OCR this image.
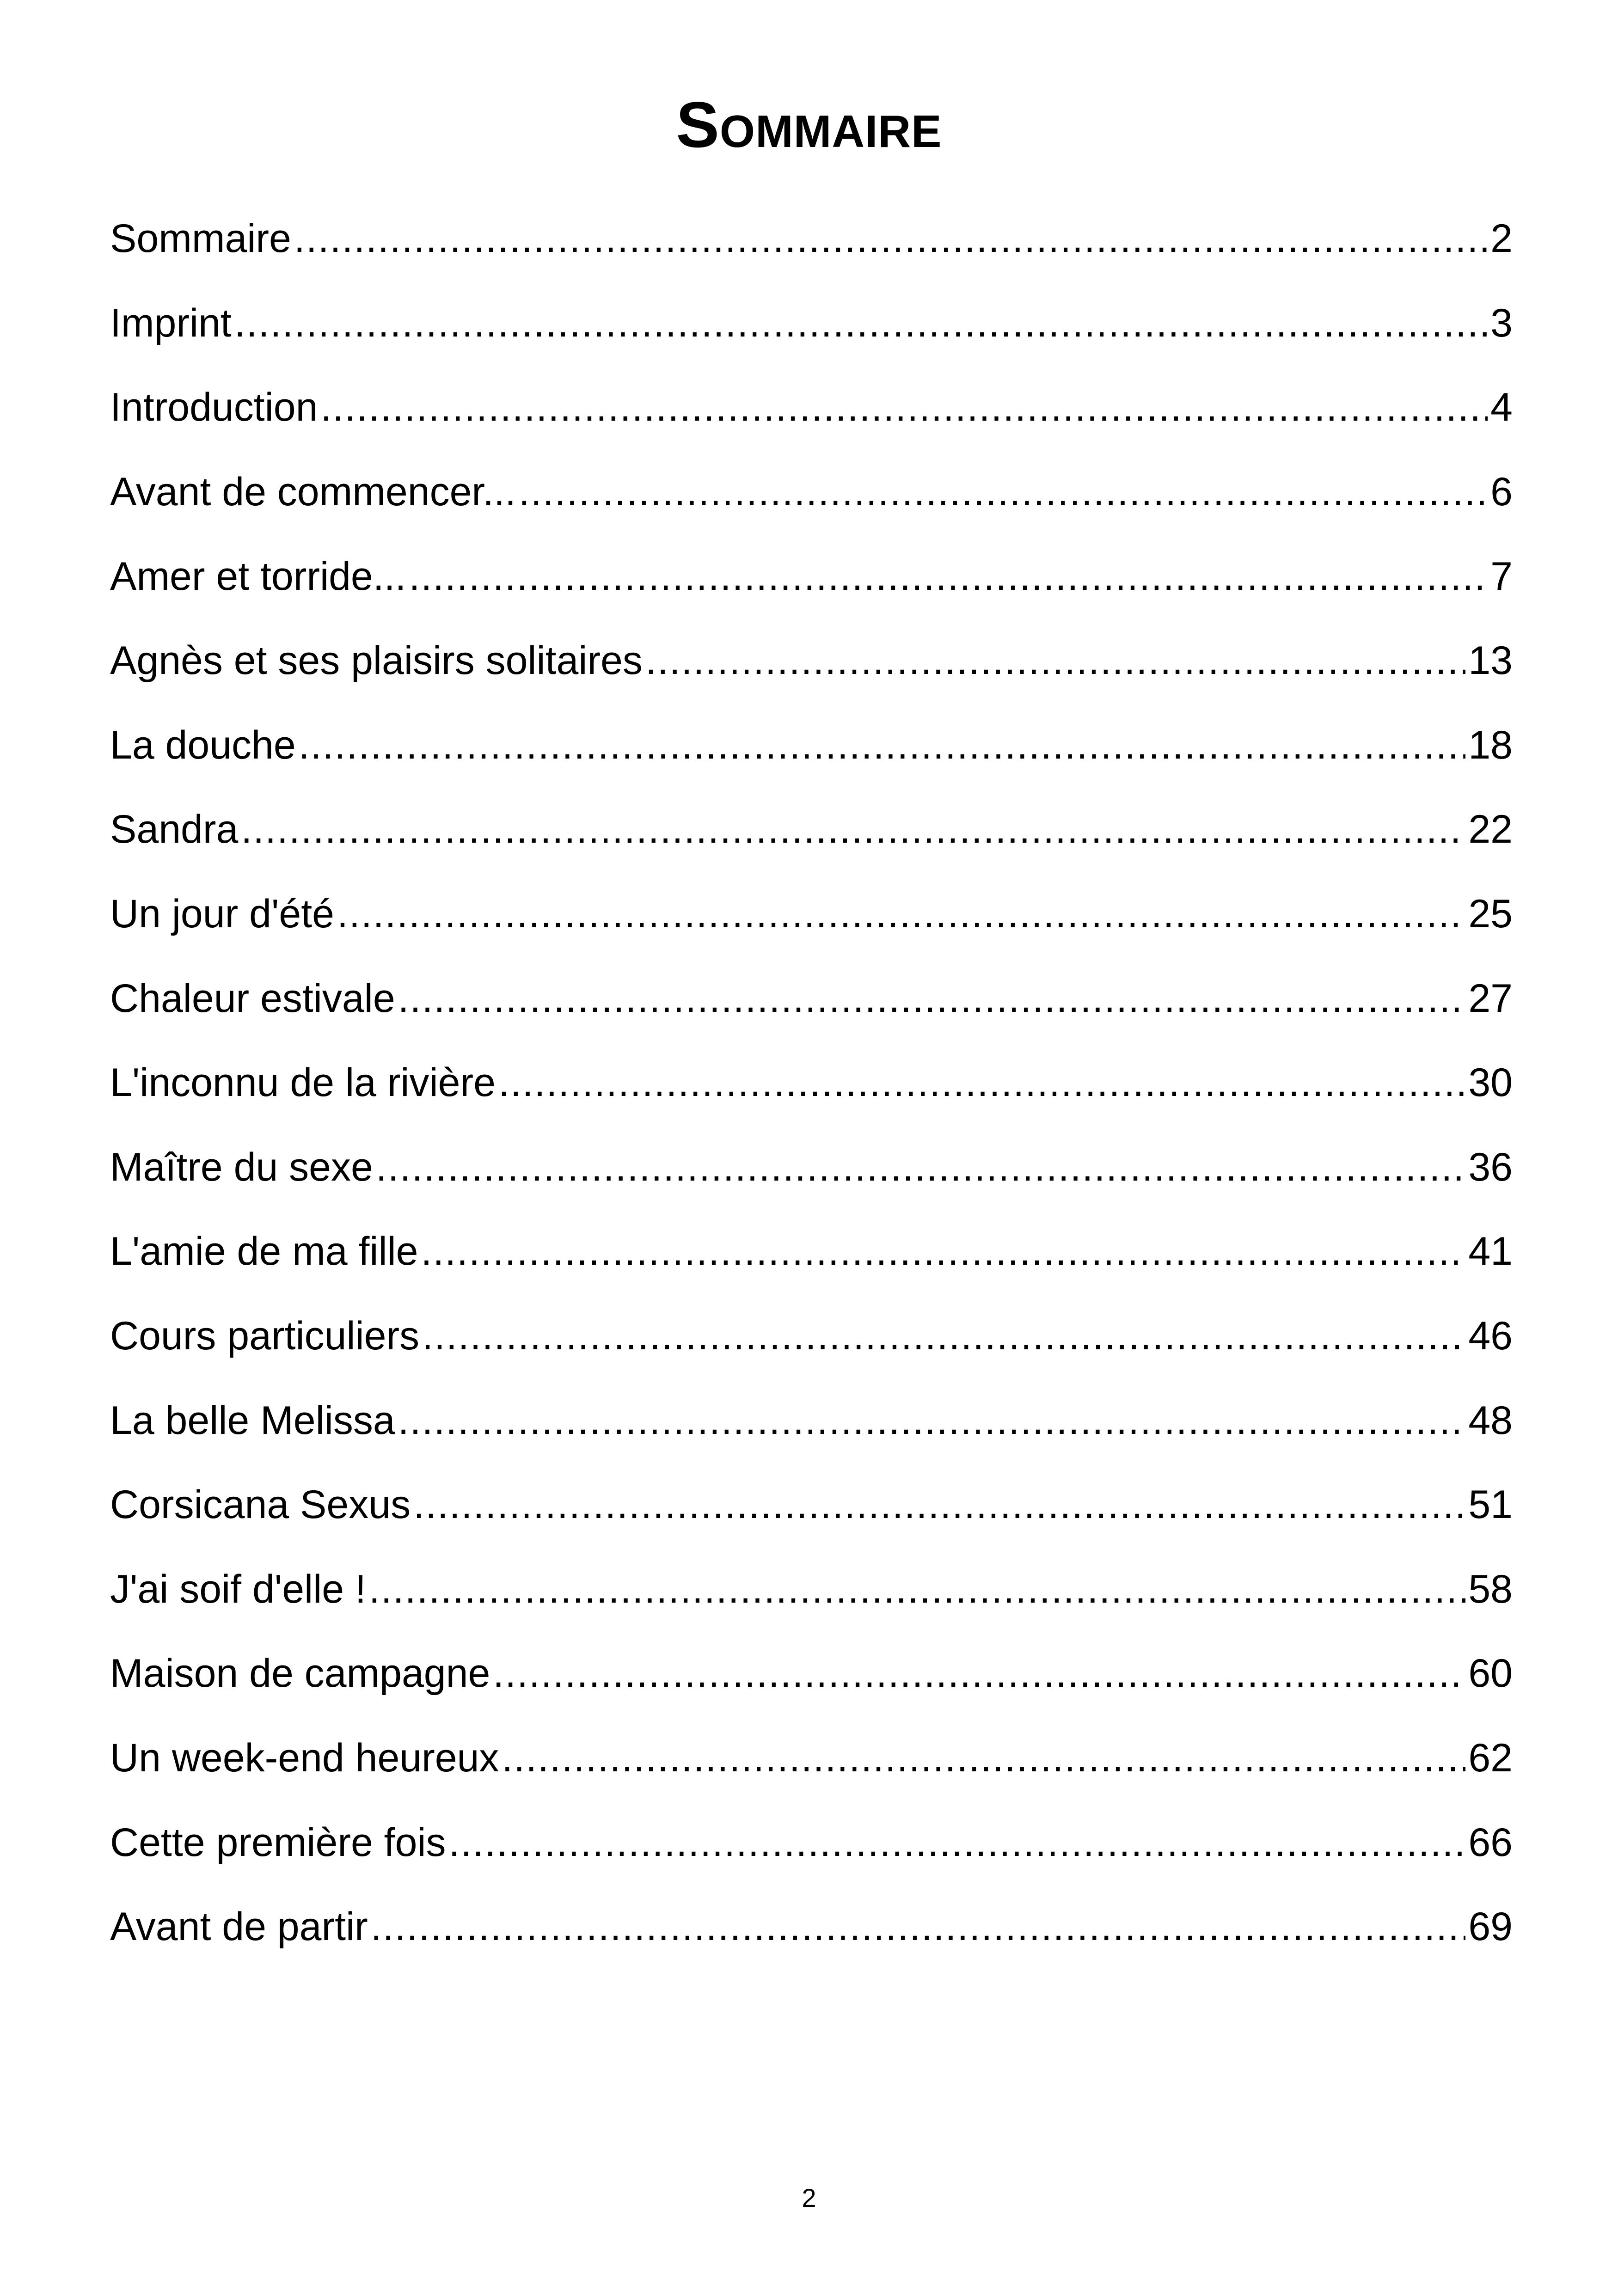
Sommaire
Sommaire .....	2
Imprint .....	3
Introduction .....	4
Avant de commencer... .....	6
Amer et torride... .....	7
Agnès et ses plaisirs solitaires .....	13
La douche .....	18
Sandra .....	22
Un jour d'été .....	25
Chaleur estivale .....	27
L'inconnu de la rivière .....	30
Maître du sexe .....	36
L'amie de ma fille .....	41
Cours particuliers .....	46
La belle Melissa .....	48
Corsicana Sexus .....	51
J'ai soif d'elle ! .....	58
Maison de campagne .....	60
Un week-end heureux .....	62
Cette première fois .....	66
Avant de partir .....	69
2
